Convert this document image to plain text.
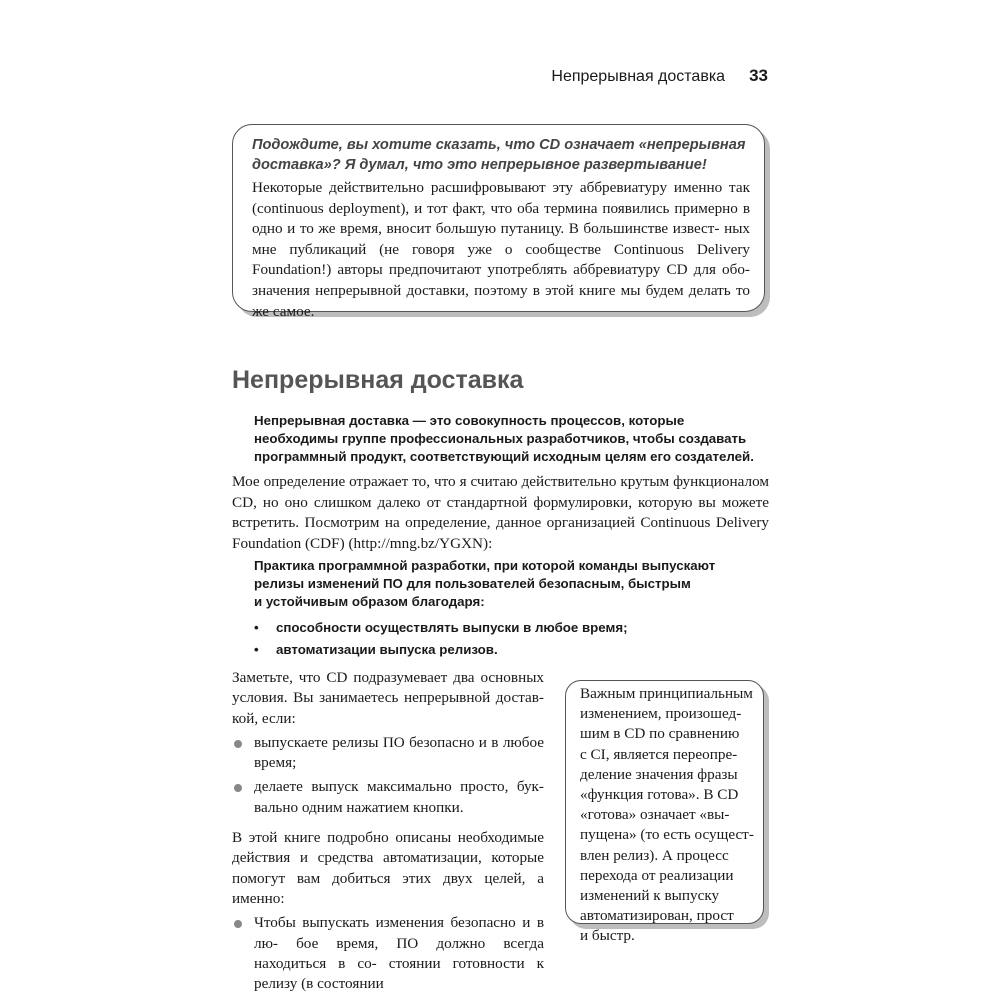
Непрерывная доставка 33
Подождите, вы хотите сказать, что CD означает «непрерывная
доставка»? Я думал, что это непрерывное развертывание!
Некоторые действительно расшифровывают эту аббревиатуру именно так (continuous deployment), и тот факт, что оба термина появились примерно в одно и то же время, вносит большую путаницу. В большинстве извест- ных мне публикаций (не говоря уже о сообществе Continuous Delivery Foundation!) авторы предпочитают употреблять аббревиатуру CD для обо- значения непрерывной доставки, поэтому в этой книге мы будем делать то же самое.
Непрерывная доставка
Непрерывная доставка — это совокупность процессов, которые
необходимы группе профессиональных разработчиков, чтобы создавать
программный продукт, соответствующий исходным целям его создателей.
Мое определение отражает то, что я считаю действительно крутым функционалом CD, но оно слишком далеко от стандартной формулировки, которую вы можете встретить. Посмотрим на определение, данное организацией Continuous Delivery Foundation (CDF) (http://mng.bz/YGXN):
Практика программной разработки, при которой команды выпускают
релизы изменений ПО для пользователей безопасным, быстрым
и устойчивым образом благодаря:
• способности осуществлять выпуски в любое время;
• автоматизации выпуска релизов.

Заметьте, что CD подразумевает два основных условия. Вы занимаетесь непрерывной достав- кой, если:

выпускаете релизы ПО безопасно и в любое время;
делаете выпуск максимально просто, бук- вально одним нажатием кнопки.

В этой книге подробно описаны необходимые действия и средства автоматизации, которые помогут вам добиться этих двух целей, а именно:

Чтобы выпускать изменения безопасно и в лю- бое время, ПО должно всегда находиться в со- стоянии готовности к релизу (в состоянии
Важным принципиальным
изменением, произошед-
шим в CD по сравнению
с CI, является переопре-
деление значения фразы
«функция готова». В CD
«готова» означает «вы-
пущена» (то есть осущест-
влен релиз). А процесс
перехода от реализации
изменений к выпуску
автоматизирован, прост
и быстр.
